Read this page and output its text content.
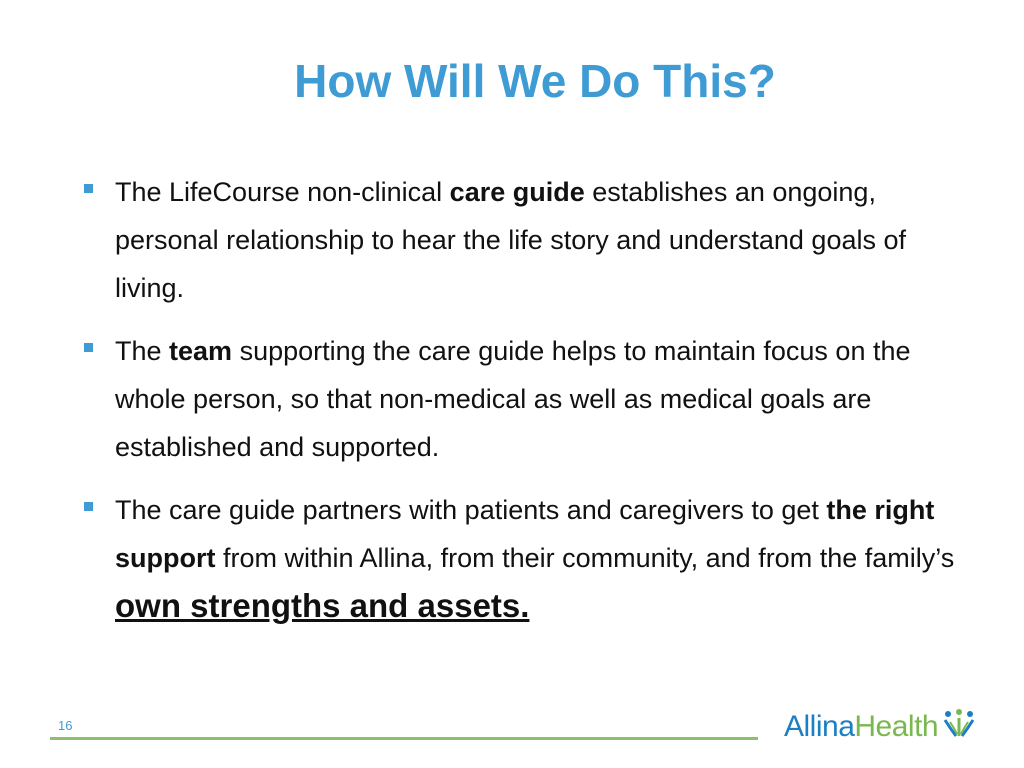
How Will We Do This?
The LifeCourse non-clinical care guide establishes an ongoing, personal relationship to hear the life story and understand goals of living.
The team supporting the care guide helps to maintain focus on the whole person, so that non-medical as well as medical goals are established and supported.
The care guide partners with patients and caregivers to get the right support from within Allina, from their community, and from the family’s own strengths and assets.
16	Allina Health
